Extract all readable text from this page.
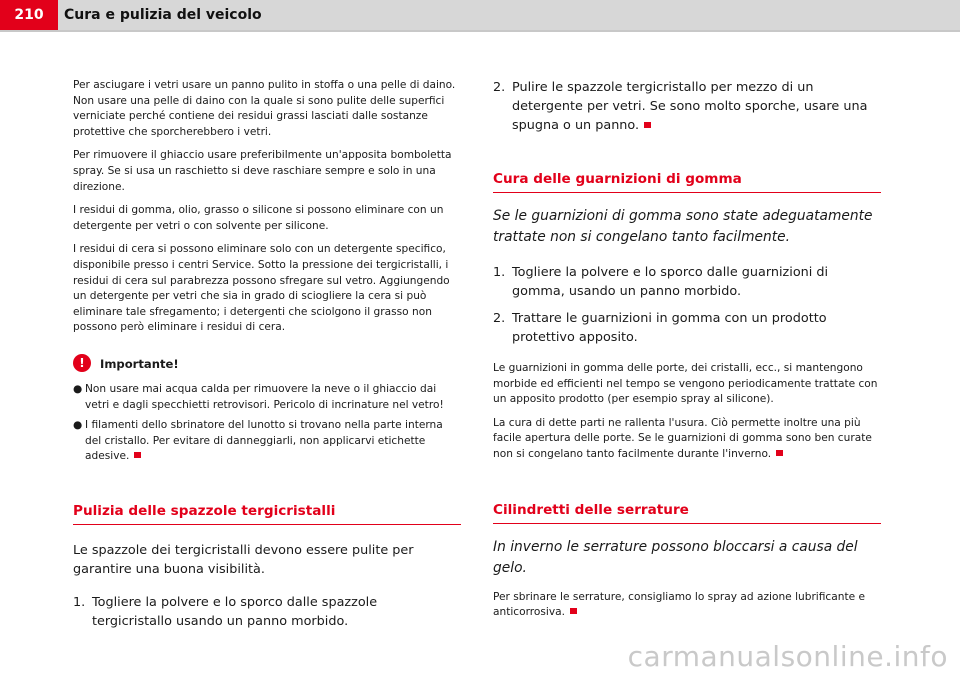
210	Cura e pulizia del veicolo

Per asciugare i vetri usare un panno pulito in stoffa o una pelle di daino. Non usare una pelle di daino con la quale si sono pulite delle superfici verniciate perché contiene dei residui grassi lasciati dalle sostanze protettive che sporcherebbero i vetri.

Per rimuovere il ghiaccio usare preferibilmente un'apposita bomboletta spray. Se si usa un raschietto si deve raschiare sempre e solo in una direzione.

I residui di gomma, olio, grasso o silicone si possono eliminare con un detergente per vetri o con solvente per silicone.

I residui di cera si possono eliminare solo con un detergente specifico, disponibile presso i centri Service. Sotto la pressione dei tergicristalli, i residui di cera sul parabrezza possono sfregare sul vetro. Aggiungendo un detergente per vetri che sia in grado di sciogliere la cera si può eliminare tale sfregamento; i detergenti che sciolgono il grasso non possono però eliminare i residui di cera.

!	Importante!
● Non usare mai acqua calda per rimuovere la neve o il ghiaccio dai vetri e dagli specchietti retrovisori. Pericolo di incrinature nel vetro!
● I filamenti dello sbrinatore del lunotto si trovano nella parte interna del cristallo. Per evitare di danneggiarli, non applicarvi etichette adesive.
Pulizia delle spazzole tergicristalli

Le spazzole dei tergicristalli devono essere pulite per garantire una buona visibilità.

1. Togliere la polvere e lo sporco dalle spazzole tergicristallo usando un panno morbido.
2. Pulire le spazzole tergicristallo per mezzo di un detergente per vetri. Se sono molto sporche, usare una spugna o un panno.
Cura delle guarnizioni di gomma

Se le guarnizioni di gomma sono state adeguatamente trattate non si congelano tanto facilmente.

1. Togliere la polvere e lo sporco dalle guarnizioni di gomma, usando un panno morbido.
2. Trattare le guarnizioni in gomma con un prodotto protettivo apposito.

Le guarnizioni in gomma delle porte, dei cristalli, ecc., si mantengono morbide ed efficienti nel tempo se vengono periodicamente trattate con un apposito prodotto (per esempio spray al silicone).

La cura di dette parti ne rallenta l'usura. Ciò permette inoltre una più facile apertura delle porte. Se le guarnizioni di gomma sono ben curate non si congelano tanto facilmente durante l'inverno.

Cilindretti delle serrature

In inverno le serrature possono bloccarsi a causa del gelo.

Per sbrinare le serrature, consigliamo lo spray ad azione lubrificante e anticorrosiva.

carmanualsonline.info
